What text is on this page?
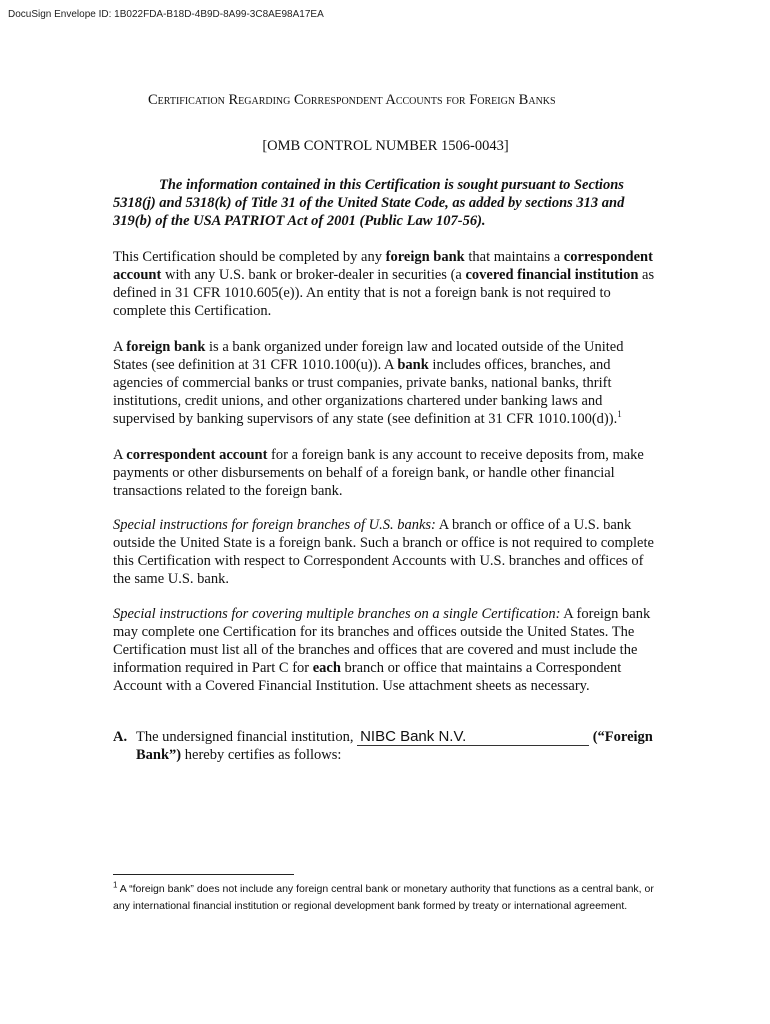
DocuSign Envelope ID: 1B022FDA-B18D-4B9D-8A99-3C8AE98A17EA
Certification Regarding Correspondent Accounts for Foreign Banks
[OMB CONTROL NUMBER 1506-0043]

The information contained in this Certification is sought pursuant to Sections 5318(j) and 5318(k) of Title 31 of the United State Code, as added by sections 313 and 319(b) of the USA PATRIOT Act of 2001 (Public Law 107-56).

This Certification should be completed by any foreign bank that maintains a correspondent account with any U.S. bank or broker-dealer in securities (a covered financial institution as defined in 31 CFR 1010.605(e)). An entity that is not a foreign bank is not required to complete this Certification.

A foreign bank is a bank organized under foreign law and located outside of the United States (see definition at 31 CFR 1010.100(u)). A bank includes offices, branches, and agencies of commercial banks or trust companies, private banks, national banks, thrift institutions, credit unions, and other organizations chartered under banking laws and supervised by banking supervisors of any state (see definition at 31 CFR 1010.100(d)).$^1$

A correspondent account for a foreign bank is any account to receive deposits from, make payments or other disbursements on behalf of a foreign bank, or handle other financial transactions related to the foreign bank.

Special instructions for foreign branches of U.S. banks: A branch or office of a U.S. bank outside the United State is a foreign bank. Such a branch or office is not required to complete this Certification with respect to Correspondent Accounts with U.S. branches and offices of the same U.S. bank.

Special instructions for covering multiple branches on a single Certification: A foreign bank may complete one Certification for its branches and offices outside the United States. The Certification must list all of the branches and offices that are covered and must include the information required in Part C for each branch or office that maintains a Correspondent Account with a Covered Financial Institution. Use attachment sheets as necessary.

A. The undersigned financial institution, NIBC Bank N.V.	(“Foreign Bank”) hereby certifies as follows:

$^1$ A “foreign bank” does not include any foreign central bank or monetary authority that functions as a central bank, or any international financial institution or regional development bank formed by treaty or international agreement.
